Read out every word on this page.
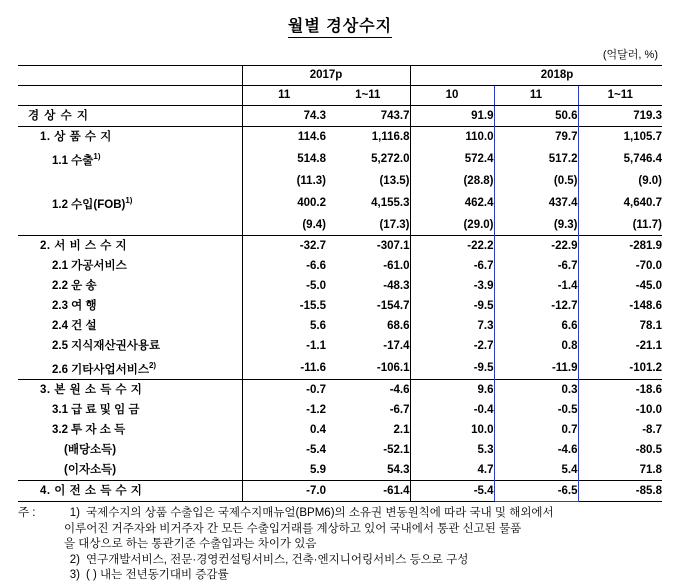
월별 경상수지
(억달러, %)
	2017p			2018p	

	11	1~11	10	11	1~11
경 상 수 지	74.3	743.7	91.9	50.6	719.3
1. 상 품 수 지	114.6	1,116.8	110.0	79.7	1,105.7
1.1 수출$^{1)}$	514.8	5,272.0	572.4	517.2	5,746.4
	(11.3)	(13.5)	(28.8)	(0.5)	(9.0)
1.2 수입(FOB)$^{1)}$	400.2	4,155.3	462.4	437.4	4,640.7
	(9.4)	(17.3)	(29.0)	(9.3)	(11.7)
2. 서 비 스 수 지	-32.7	-307.1	-22.2	-22.9	-281.9
2.1 가공서비스	-6.6	-61.0	-6.7	-6.7	-70.0
2.2 운 송	-5.0	-48.3	-3.9	-1.4	-45.0
2.3 여 행	-15.5	-154.7	-9.5	-12.7	-148.6
2.4 건 설	5.6	68.6	7.3	6.6	78.1
2.5 지식재산권사용료	-1.1	-17.4	-2.7	0.8	-21.1
2.6 기타사업서비스$^{2)}$	-11.6	-106.1	-9.5	-11.9	-101.2
3. 본 원 소 득 수 지	-0.7	-4.6	9.6	0.3	-18.6
3.1 급 료 및 임 금	-1.2	-6.7	-0.4	-0.5	-10.0
3.2 투 자 소 득	0.4	2.1	10.0	0.7	-8.7
(배당소득)	-5.4	-52.1	5.3	-4.6	-80.5
(이자소득)	5.9	54.3	4.7	5.4	71.8
4. 이 전 소 득 수 지	-7.0	-61.4	-5.4	-6.5	-85.8
주 :	1) 국제수지의 상품 수출입은 국제수지매뉴얼(BPM6)의 소유권 변동원칙에 따라 국내 및 해외에서
이루어진 거주자와 비거주자 간 모든 수출입거래를 계상하고 있어 국내에서 통관 신고된 물품
을 대상으로 하는 통관기준 수출입과는 차이가 있음
2) 연구개발서비스, 전문·경영컨설팅서비스, 건축·엔지니어링서비스 등으로 구성
3) ( ) 내는 전년동기대비 증감률
